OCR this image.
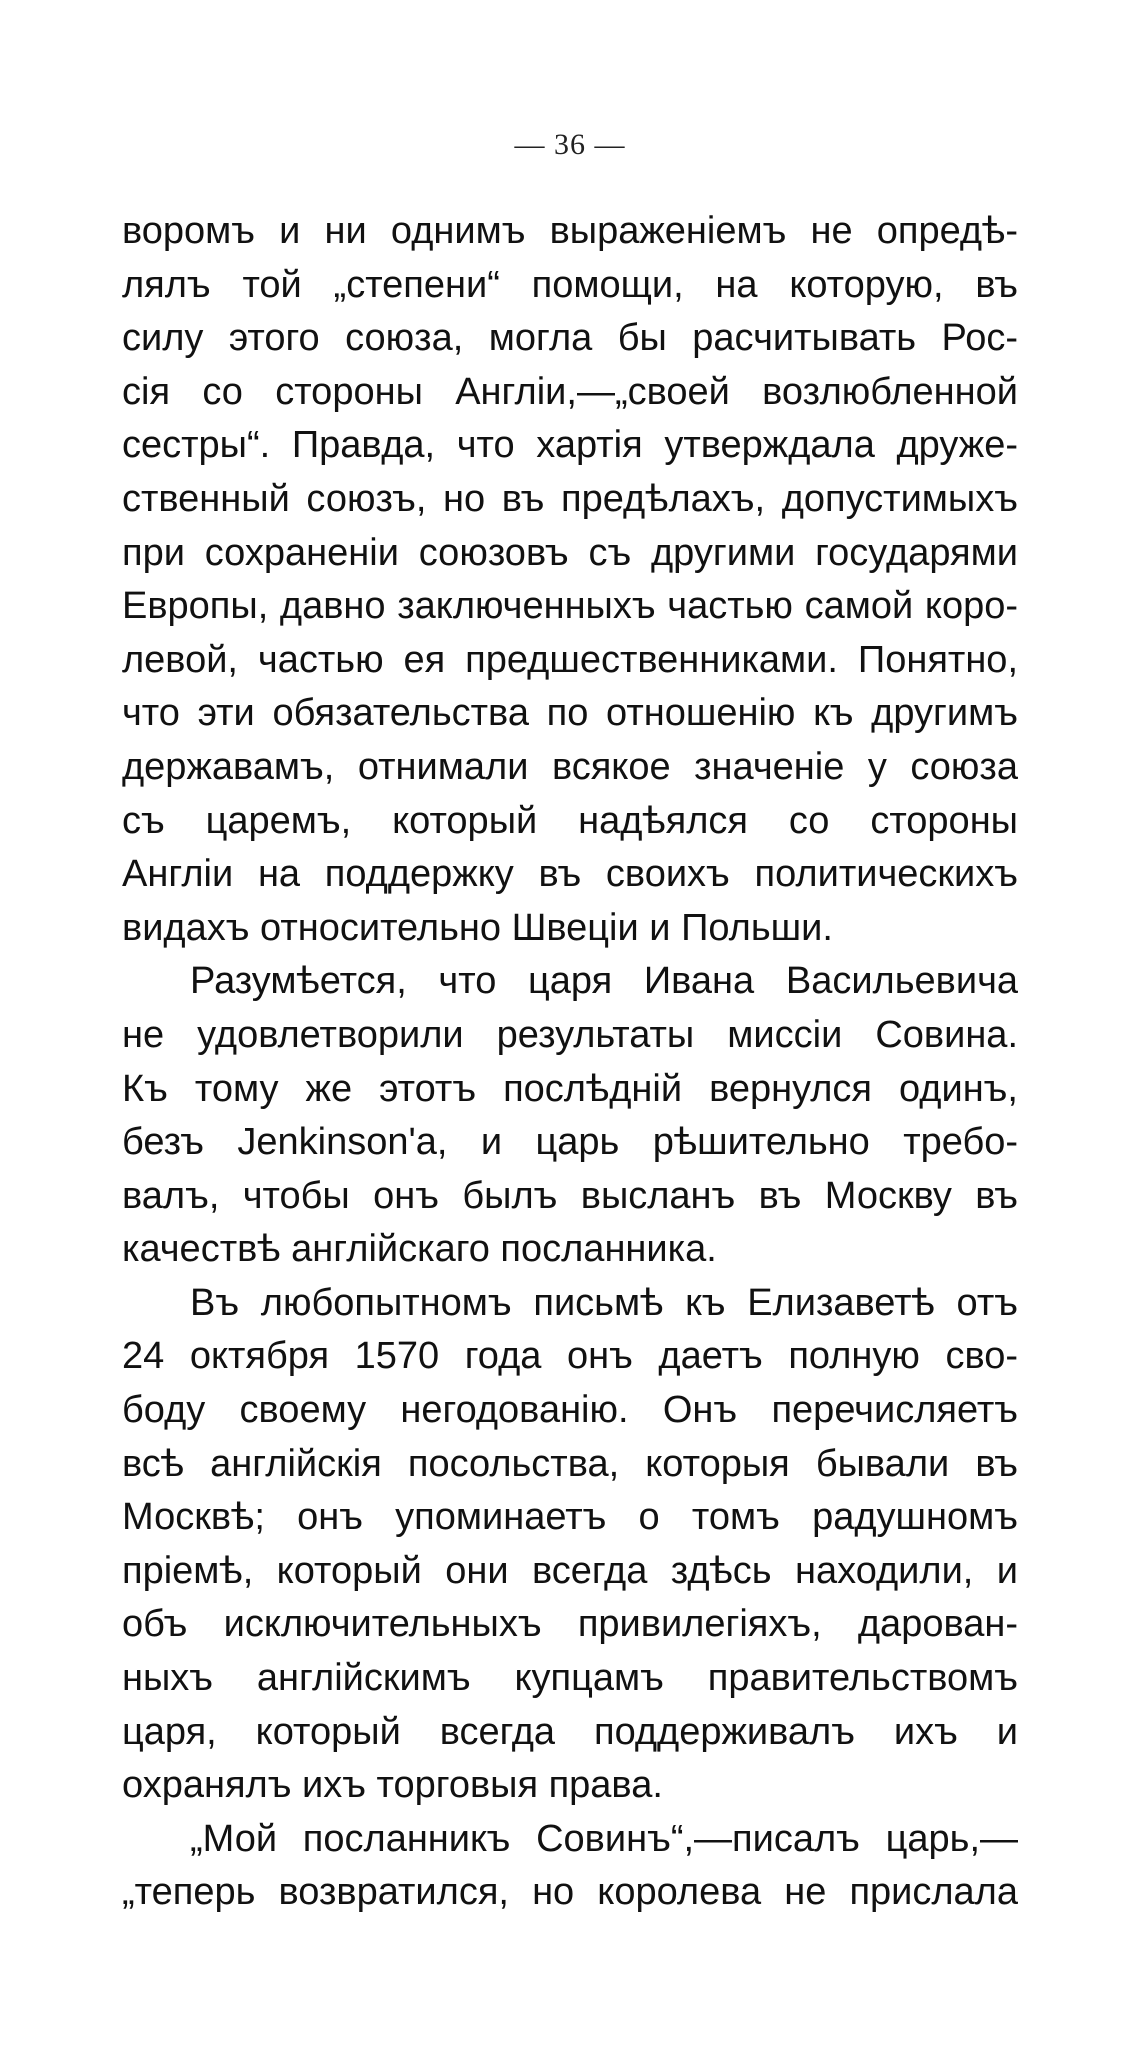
— 36 —
воромъ и ни однимъ выраженіемъ не опредѣ-
лялъ той „степени“ помощи, на которую, въ
силу этого союза, могла бы расчитывать Рос-
сія со стороны Англіи,—„своей возлюбленной
сестры“. Правда, что хартія утверждала друже-
ственный союзъ, но въ предѣлахъ, допустимыхъ
при сохраненіи союзовъ съ другими государями
Европы, давно заключенныхъ частью самой коро-
левой, частью ея предшественниками. Понятно,
что эти обязательства по отношенію къ другимъ
державамъ, отнимали всякое значеніе у союза
съ царемъ, который надѣялся со стороны
Англіи на поддержку въ своихъ политическихъ
видахъ относительно Швеціи и Польши.
Разумѣется, что царя Ивана Васильевича
не удовлетворили результаты миссіи Совина.
Къ тому же этотъ послѣдній вернулся одинъ,
безъ Jenkinson'а, и царь рѣшительно требо-
валъ, чтобы онъ былъ высланъ въ Москву въ
качествѣ англійскаго посланника.
Въ любопытномъ письмѣ къ Елизаветѣ отъ
24 октября 1570 года онъ даетъ полную сво-
боду своему негодованію. Онъ перечисляетъ
всѣ англійскія посольства, которыя бывали въ
Москвѣ; онъ упоминаетъ о томъ радушномъ
пріемѣ, который они всегда здѣсь находили, и
объ исключительныхъ привилегіяхъ, дарован-
ныхъ англійскимъ купцамъ правительствомъ
царя, который всегда поддерживалъ ихъ и
охранялъ ихъ торговыя права.
„Мой посланникъ Совинъ“,—писалъ царь,—
„теперь возвратился, но королева не прислала
